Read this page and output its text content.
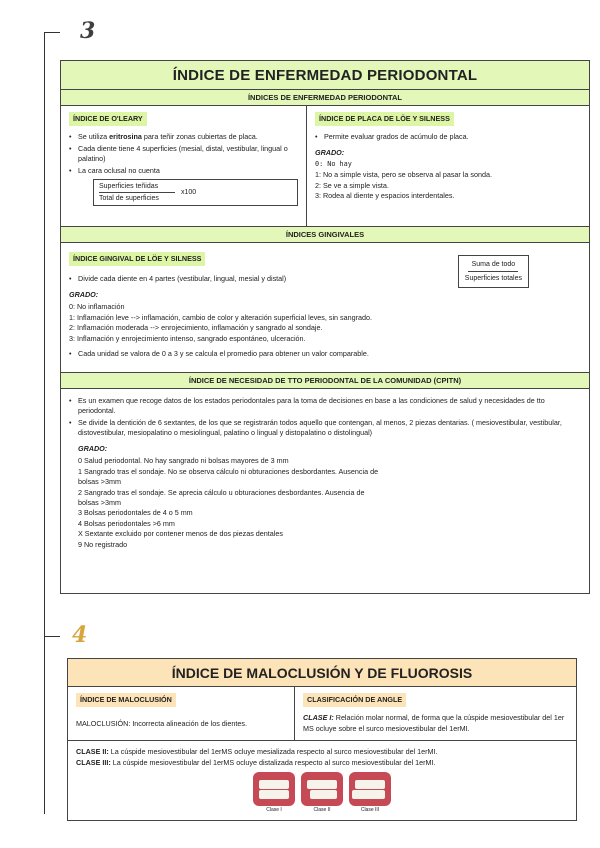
3
4
ÍNDICE DE ENFERMEDAD PERIODONTAL
ÍNDICES DE ENFERMEDAD PERIODONTAL
ÍNDICE DE O'LEARY
• Se utiliza eritrosina para teñir zonas cubiertas de placa.
• Cada diente tiene 4 superficies (mesial, distal, vestibular, lingual o palatino)
• La cara oclusal no cuenta
Superficies teñidas
Total de superficies
x100
ÍNDICE DE PLACA DE LÖE Y SILNESS
• Permite evaluar grados de acúmulo de placa.
GRADO:
0: No hay
1: No a simple vista, pero se observa al pasar la sonda.
2: Se ve a simple vista.
3: Rodea al diente y espacios interdentales.
ÍNDICES GINGIVALES
ÍNDICE GINGIVAL DE LÖE Y SILNESS
• Divide cada diente en 4 partes (vestibular, lingual, mesial y distal)
GRADO:
0: No inflamación
1: Inflamación leve --> inflamación, cambio de color y alteración superficial leves, sin sangrado.
2: Inflamación moderada --> enrojecimiento, inflamación y sangrado al sondaje.
3: Inflamación y enrojecimiento intenso, sangrado espontáneo, ulceración.
• Cada unidad se valora de 0 a 3 y se calcula el promedio para obtener un valor comparable.
Suma de todo
Superficies totales
ÍNDICE DE NECESIDAD DE TTO PERIODONTAL DE LA COMUNIDAD (CPITN)
• Es un examen que recoge datos de los estados periodontales para la toma de decisiones en base a las condiciones de salud y necesidades de tto periodontal.
• Se divide la dentición de 6 sextantes, de los que se registrarán todos aquello que contengan, al menos, 2 piezas dentarias. ( mesiovestibular, vestibular, distovestibular, mesiopalatino o mesiolingual, palatino o lingual y distopalatino o distolingual)
GRADO:
0 Salud periodontal. No hay sangrado ni bolsas mayores de 3 mm
1 Sangrado tras el sondaje. No se observa cálculo ni obturaciones desbordantes. Ausencia de
bolsas >3mm
2 Sangrado tras el sondaje. Se aprecia cálculo u obturaciones desbordantes. Ausencia de
bolsas >3mm
3 Bolsas periodontales de 4 o 5 mm
4 Bolsas periodontales >6 mm
X Sextante excluido por contener menos de dos piezas dentales
9 No registrado
ÍNDICE DE MALOCLUSIÓN Y DE FLUOROSIS
ÍNDICE DE MALOCLUSIÓN
MALOCLUSIÓN: Incorrecta alineación de los dientes.
CLASIFICACIÓN DE ANGLE
CLASE I: Relación molar normal, de forma que la cúspide mesiovestibular del 1er MS ocluye sobre el surco mesiovestibular del 1erMI.
CLASE II: La cúspide mesiovestibular del 1erMS ocluye mesializada respecto al surco mesiovestibular del 1erMI.
CLASE III: La cúspide mesiovestibular del 1erMS ocluye distalizada respecto al surco mesiovestibular del 1erMI.
Clase I	Clase II	Clase III
